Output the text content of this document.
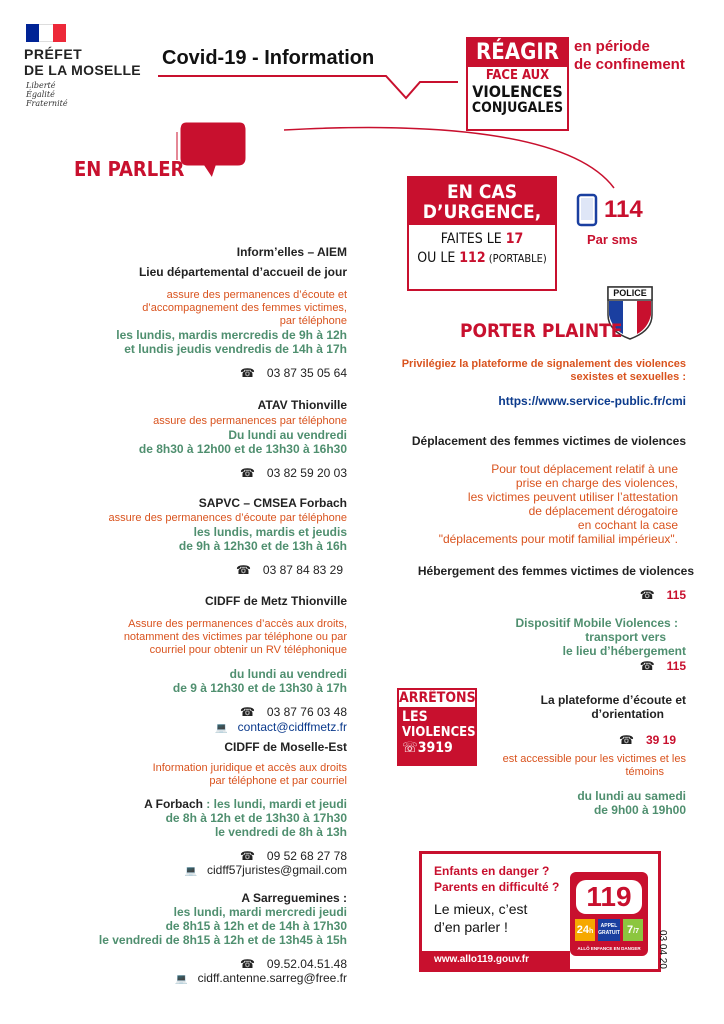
PRÉFET
DE LA MOSELLE
Liberté
Égalité
Fraternité
Covid-19 - Information	RÉAGIR
FACE AUX
VIOLENCES
CONJUGALES
en période
de confinement
EN PARLER
EN CAS
D’URGENCE,
FAITES LE 17
OU LE 112 (PORTABLE)
114
Par sms
Inform’elles – AIEM
Lieu départemental d’accueil de jour
assure des permanences d’écoute et
d’accompagnement des femmes victimes,
par téléphone
les lundis, mardis mercredis de 9h à 12h
et lundis jeudis vendredis de 14h à 17h
☎ 03 87 35 05 64
ATAV Thionville
assure des permanences par téléphone
Du lundi au vendredi
de 8h30 à 12h00 et de 13h30 à 16h30
☎ 03 82 59 20 03
SAPVC – CMSEA Forbach
assure des permanences d’écoute par téléphone
les lundis, mardis et jeudis
de 9h à 12h30 et de 13h à 16h
☎ 03 87 84 83 29
CIDFF de Metz Thionville
Assure des permanences d’accès aux droits,
notamment des victimes par téléphone ou par
courriel pour obtenir un RV téléphonique
du lundi au vendredi
de 9 à 12h30 et de 13h30 à 17h
☎ 03 87 76 03 48
💻 contact@cidffmetz.fr
CIDFF de Moselle-Est
Information juridique et accès aux droits
par téléphone et par courriel
A Forbach : les lundi, mardi et jeudi
de 8h à 12h et de 13h30 à 17h30
le vendredi de 8h à 13h
☎ 09 52 68 27 78
💻 cidff57juristes@gmail.com
A Sarreguemines :
les lundi, mardi mercredi jeudi
de 8h15 à 12h et de 14h à 17h30
le vendredi de 8h15 à 12h et de 13h45 à 15h
☎ 09.52.04.51.48
💻 cidff.antenne.sarreg@free.fr
POLICE
PORTER PLAINTE
Privilégiez la plateforme de signalement des violences
sexistes et sexuelles :
https://www.service-public.fr/cmi
Déplacement des femmes victimes de violences
Pour tout déplacement relatif à une
prise en charge des violences,
les victimes peuvent utiliser l’attestation
de déplacement dérogatoire
en cochant la case
"déplacements pour motif familial impérieux".
Hébergement des femmes victimes de violences
☎ 115
Dispositif Mobile Violences :
transport vers
le lieu d’hébergement
☎ 115
ARRÊTONS
LES
VIOLENCES
☏3919
La plateforme d’écoute et
d’orientation
☎ 39 19
est accessible pour les victimes et les
témoins
du lundi au samedi
de 9h00 à 19h00
Enfants en danger ?
Parents en difficulté ?
Le mieux, c’est
d’en parler !
www.allo119.gouv.fr
119
24h
APPEL
GRATUIT 7/7
ALLÔ ENFANCE EN DANGER	03 04 20
